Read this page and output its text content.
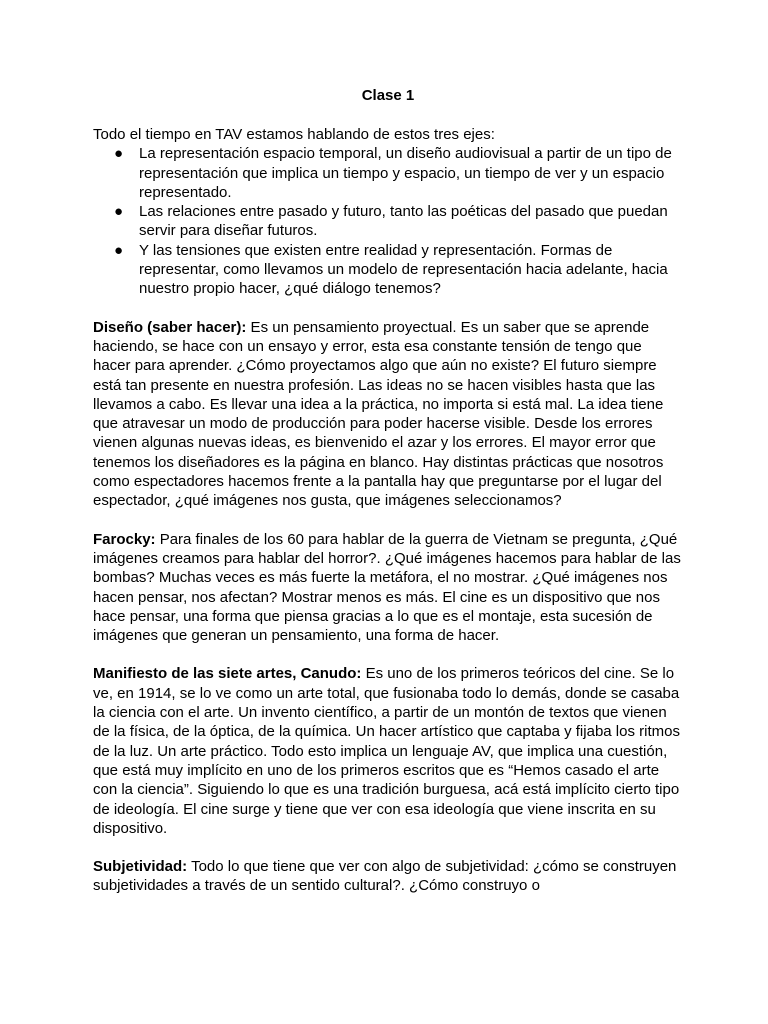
Clase 1

Todo el tiempo en TAV estamos hablando de estos tres ejes:

● La representación espacio temporal, un diseño audiovisual a partir de un tipo de representación que implica un tiempo y espacio, un tiempo de ver y un espacio representado.
● Las relaciones entre pasado y futuro, tanto las poéticas del pasado que puedan servir para diseñar futuros.
● Y las tensiones que existen entre realidad y representación. Formas de representar, como llevamos un modelo de representación hacia adelante, hacia nuestro propio hacer, ¿qué diálogo tenemos?

Diseño (saber hacer): Es un pensamiento proyectual. Es un saber que se aprende haciendo, se hace con un ensayo y error, esta esa constante tensión de tengo que hacer para aprender. ¿Cómo proyectamos algo que aún no existe? El futuro siempre está tan presente en nuestra profesión. Las ideas no se hacen visibles hasta que las llevamos a cabo. Es llevar una idea a la práctica, no importa si está mal. La idea tiene que atravesar un modo de producción para poder hacerse visible. Desde los errores vienen algunas nuevas ideas, es bienvenido el azar y los errores. El mayor error que tenemos los diseñadores es la página en blanco. Hay distintas prácticas que nosotros como espectadores hacemos frente a la pantalla hay que preguntarse por el lugar del espectador, ¿qué imágenes nos gusta, que imágenes seleccionamos?

Farocky: Para finales de los 60 para hablar de la guerra de Vietnam se pregunta, ¿Qué imágenes creamos para hablar del horror?. ¿Qué imágenes hacemos para hablar de las bombas? Muchas veces es más fuerte la metáfora, el no mostrar. ¿Qué imágenes nos hacen pensar, nos afectan? Mostrar menos es más. El cine es un dispositivo que nos hace pensar, una forma que piensa gracias a lo que es el montaje, esta sucesión de imágenes que generan un pensamiento, una forma de hacer.

Manifiesto de las siete artes, Canudo: Es uno de los primeros teóricos del cine. Se lo ve, en 1914, se lo ve como un arte total, que fusionaba todo lo demás, donde se casaba la ciencia con el arte. Un invento científico, a partir de un montón de textos que vienen de la física, de la óptica, de la química. Un hacer artístico que captaba y fijaba los ritmos de la luz. Un arte práctico. Todo esto implica un lenguaje AV, que implica una cuestión, que está muy implícito en uno de los primeros escritos que es “Hemos casado el arte con la ciencia”. Siguiendo lo que es una tradición burguesa, acá está implícito cierto tipo de ideología. El cine surge y tiene que ver con esa ideología que viene inscrita en su dispositivo.

Subjetividad: Todo lo que tiene que ver con algo de subjetividad: ¿cómo se construyen subjetividades a través de un sentido cultural?. ¿Cómo construyo o
